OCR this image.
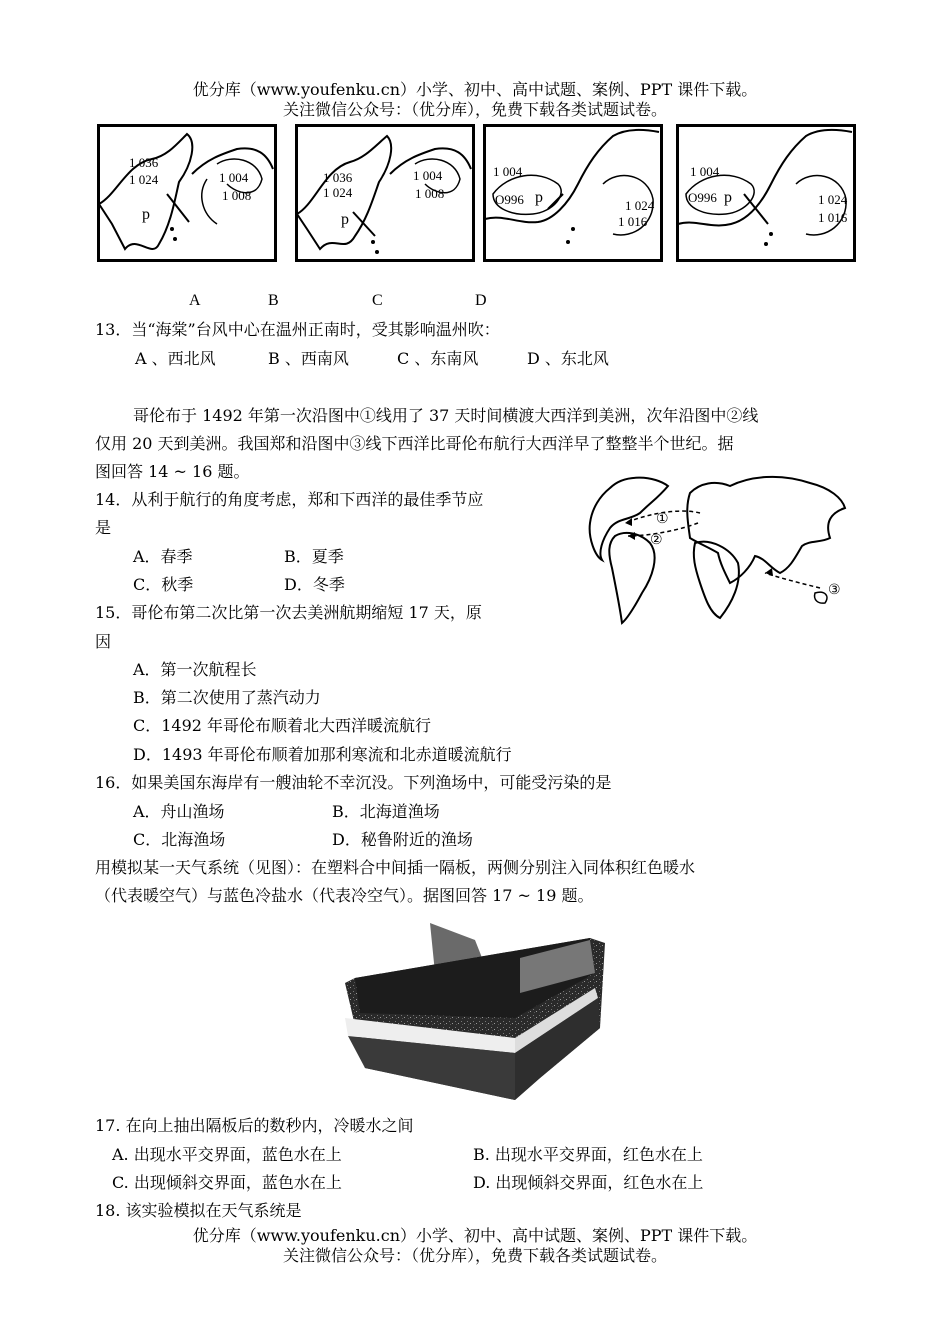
优分库（www.youfenku.cn）小学、初中、高中试题、案例、PPT 课件下载。
关注微信公众号：（优分库），免费下载各类试题试卷。
1 036
1 024	1 004
1 008
p
1 036
1 024
1 004
1 008
p
1 004
O996	1 024
1 016
p
1 004
O996	1 024
1 016
p
A	B	C	D
13．当“海棠”台风中心在温州正南时，受其影响温州吹：
A 、西北风	B 、西南风	C 、东南风	D 、东北风
哥伦布于 1492 年第一次沿图中①线用了 37 天时间横渡大西洋到美洲，次年沿图中②线
仅用 20 天到美洲。我国郑和沿图中③线下西洋比哥伦布航行大西洋早了整整半个世纪。据
图回答 14 ~ 16 题。
①
②
③
14．从利于航行的角度考虑，郑和下西洋的最佳季节应
是
A．春季	B．夏季
C．秋季	D．冬季
15．哥伦布第二次比第一次去美洲航期缩短 17 天，原
因
A．第一次航程长
B．第二次使用了蒸汽动力
C．1492 年哥伦布顺着北大西洋暖流航行
D．1493 年哥伦布顺着加那利寒流和北赤道暖流航行
16．如果美国东海岸有一艘油轮不幸沉没。下列渔场中，可能受污染的是
A．舟山渔场	B．北海道渔场
C．北海渔场	D．秘鲁附近的渔场
用模拟某一天气系统（见图）：在塑料合中间插一隔板，两侧分别注入同体积红色暖水
（代表暖空气）与蓝色冷盐水（代表冷空气）。据图回答 17 ~ 19 题。
17. 在向上抽出隔板后的数秒内，冷暖水之间
A. 出现水平交界面，蓝色水在上	B. 出现水平交界面，红色水在上
C. 出现倾斜交界面，蓝色水在上	D. 出现倾斜交界面，红色水在上
18. 该实验模拟在天气系统是
优分库（www.youfenku.cn）小学、初中、高中试题、案例、PPT 课件下载。
关注微信公众号：（优分库），免费下载各类试题试卷。
